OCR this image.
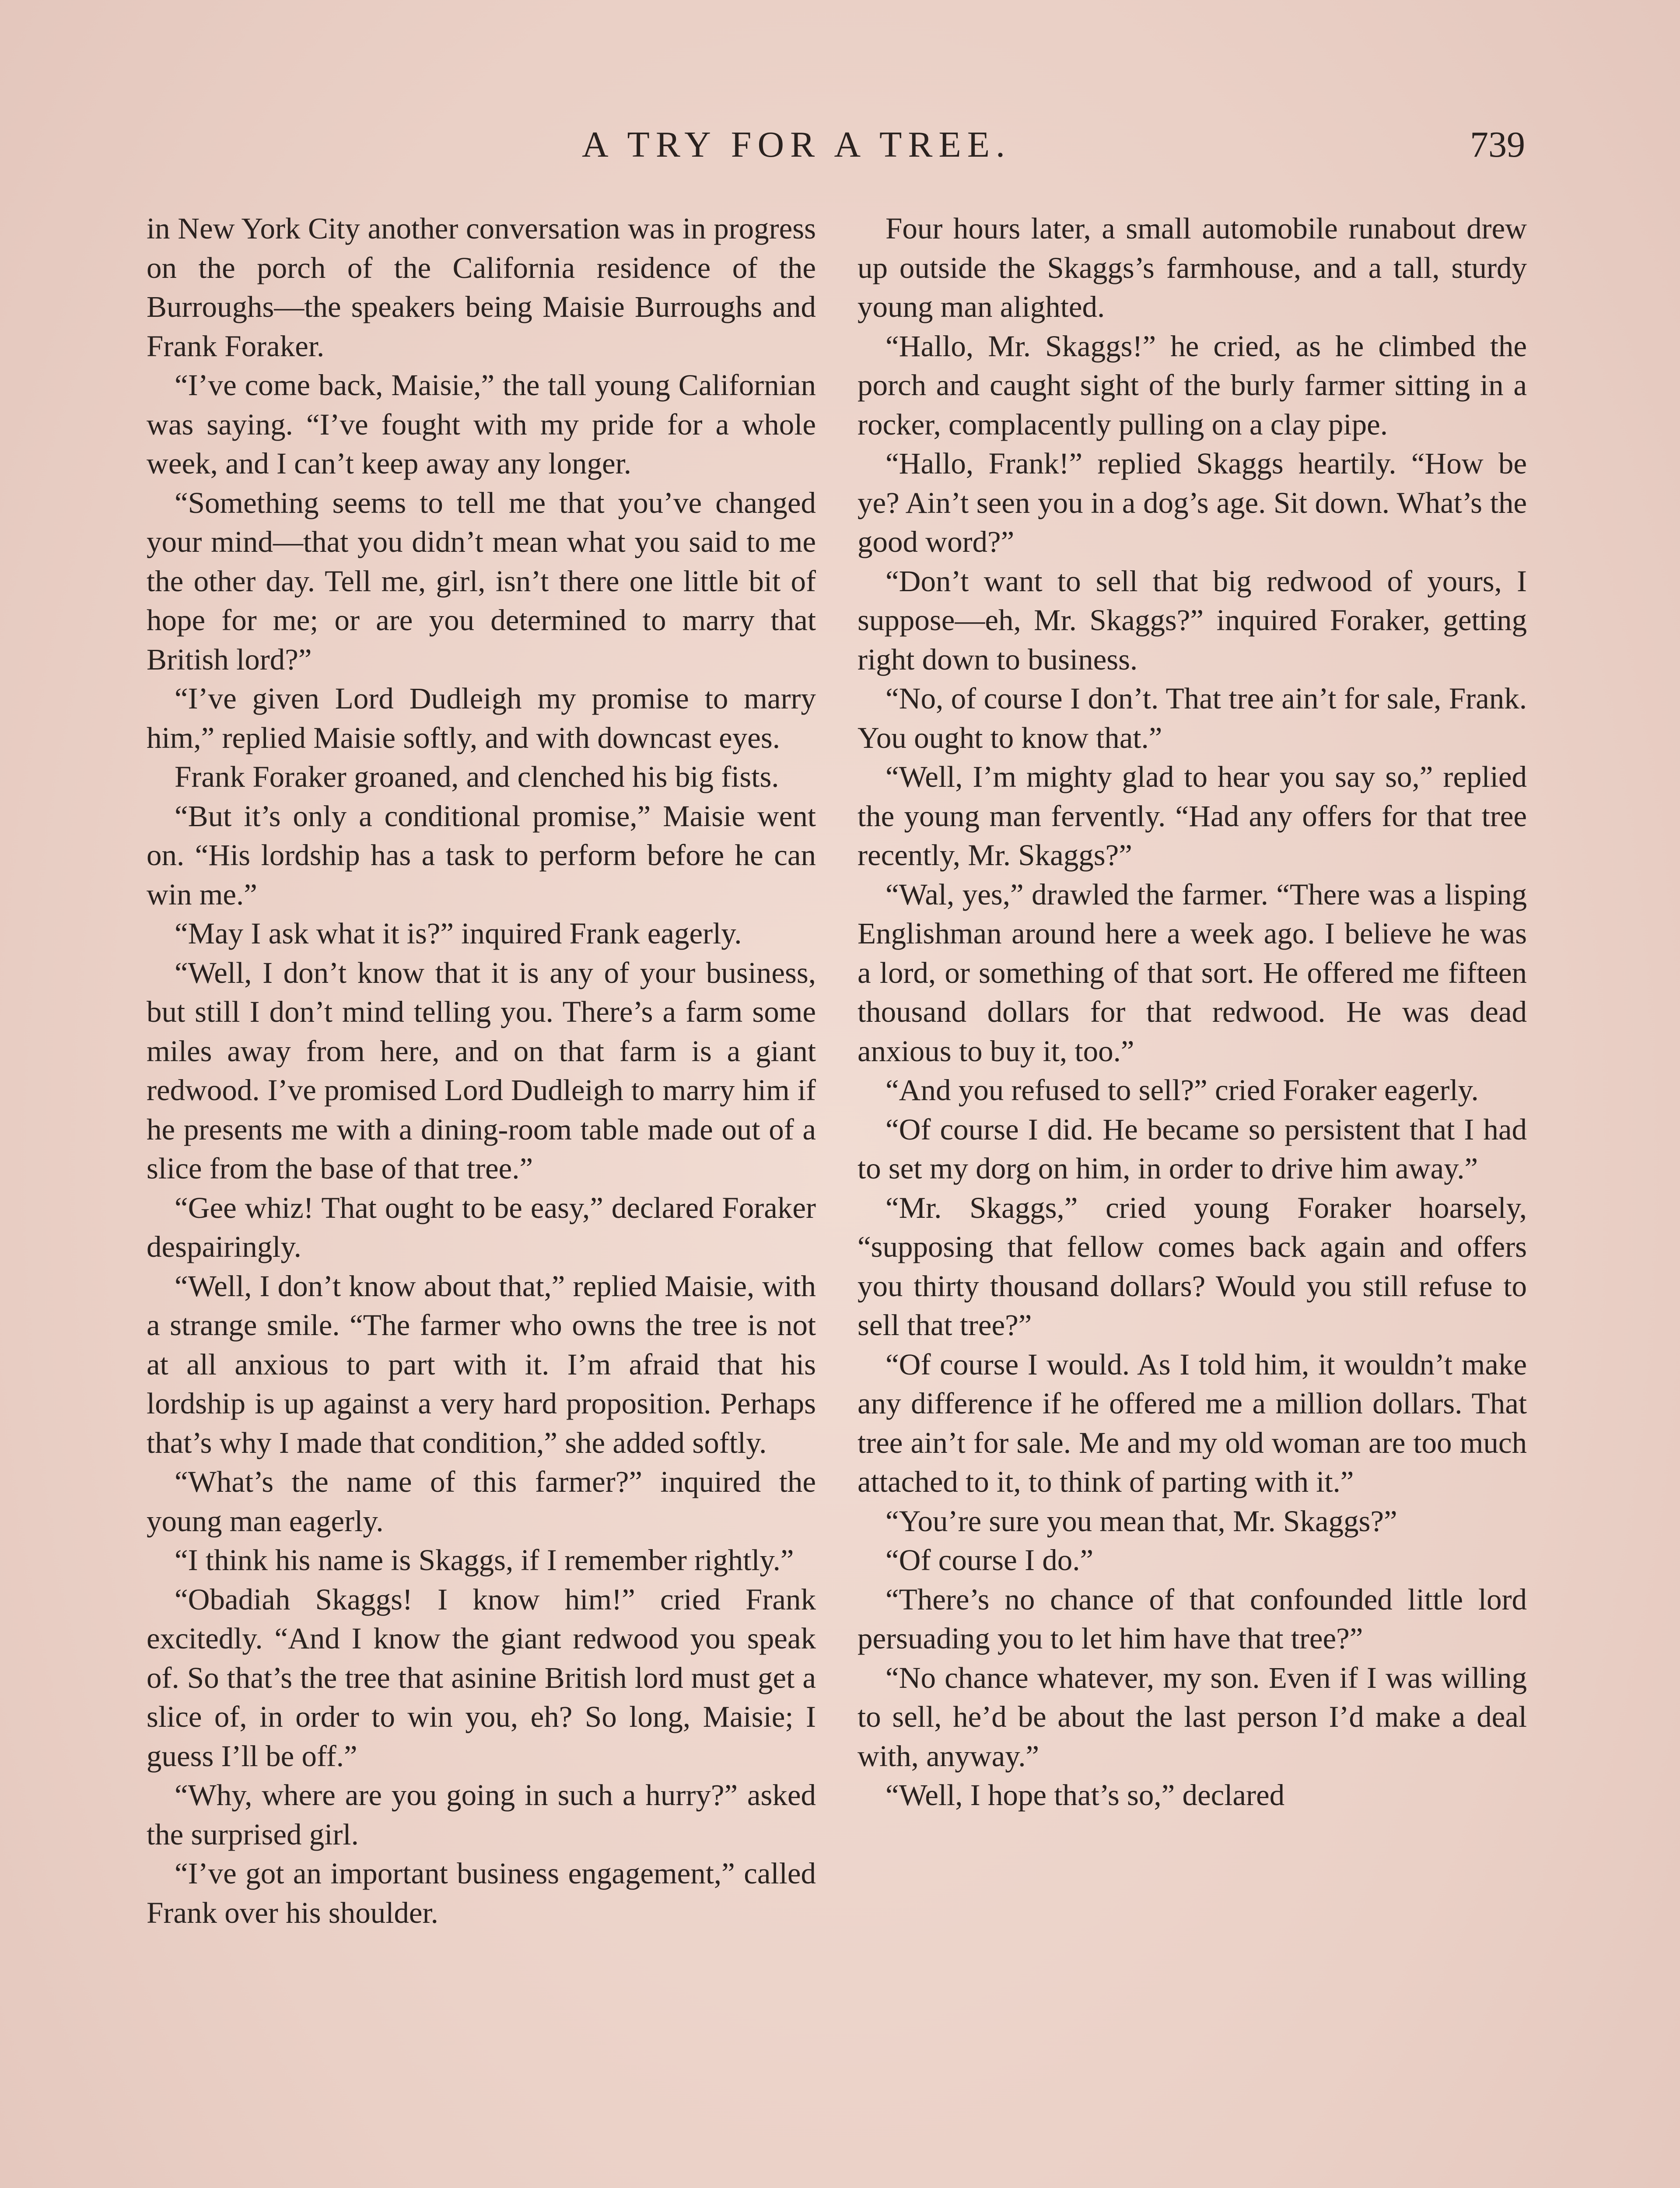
A TRY FOR A TREE.	739

in New York City another conversation was in progress on the porch of the California residence of the Burroughs—the speakers being Maisie Burroughs and Frank Foraker.

“I’ve come back, Maisie,” the tall young Californian was saying. “I’ve fought with my pride for a whole week, and I can’t keep away any longer.

“Something seems to tell me that you’ve changed your mind—that you didn’t mean what you said to me the other day. Tell me, girl, isn’t there one little bit of hope for me; or are you determined to marry that British lord?”

“I’ve given Lord Dudleigh my promise to marry him,” replied Maisie softly, and with downcast eyes.

Frank Foraker groaned, and clenched his big fists.

“But it’s only a conditional promise,” Maisie went on. “His lordship has a task to perform before he can win me.”

“May I ask what it is?” inquired Frank eagerly.

“Well, I don’t know that it is any of your business, but still I don’t mind telling you. There’s a farm some miles away from here, and on that farm is a giant redwood. I’ve promised Lord Dudleigh to marry him if he presents me with a dining-room table made out of a slice from the base of that tree.”

“Gee whiz! That ought to be easy,” declared Foraker despairingly.

“Well, I don’t know about that,” replied Maisie, with a strange smile. “The farmer who owns the tree is not at all anxious to part with it. I’m afraid that his lordship is up against a very hard proposition. Perhaps that’s why I made that condition,” she added softly.

“What’s the name of this farmer?” inquired the young man eagerly.

“I think his name is Skaggs, if I remember rightly.”

“Obadiah Skaggs! I know him!” cried Frank excitedly. “And I know the giant redwood you speak of. So that’s the tree that asinine British lord must get a slice of, in order to win you, eh? So long, Maisie; I guess I’ll be off.”

“Why, where are you going in such a hurry?” asked the surprised girl.

“I’ve got an important business engagement,” called Frank over his shoulder.

Four hours later, a small automobile runabout drew up outside the Skaggs’s farmhouse, and a tall, sturdy young man alighted.

“Hallo, Mr. Skaggs!” he cried, as he climbed the porch and caught sight of the burly farmer sitting in a rocker, complacently pulling on a clay pipe.

“Hallo, Frank!” replied Skaggs heartily. “How be ye? Ain’t seen you in a dog’s age. Sit down. What’s the good word?”

“Don’t want to sell that big redwood of yours, I suppose—eh, Mr. Skaggs?” inquired Foraker, getting right down to business.

“No, of course I don’t. That tree ain’t for sale, Frank. You ought to know that.”

“Well, I’m mighty glad to hear you say so,” replied the young man fervently. “Had any offers for that tree recently, Mr. Skaggs?”

“Wal, yes,” drawled the farmer. “There was a lisping Englishman around here a week ago. I believe he was a lord, or something of that sort. He offered me fifteen thousand dollars for that redwood. He was dead anxious to buy it, too.”

“And you refused to sell?” cried Foraker eagerly.

“Of course I did. He became so persistent that I had to set my dorg on him, in order to drive him away.”

“Mr. Skaggs,” cried young Foraker hoarsely, “supposing that fellow comes back again and offers you thirty thousand dollars? Would you still refuse to sell that tree?”

“Of course I would. As I told him, it wouldn’t make any difference if he offered me a million dollars. That tree ain’t for sale. Me and my old woman are too much attached to it, to think of parting with it.”

“You’re sure you mean that, Mr. Skaggs?”

“Of course I do.”

“There’s no chance of that confounded little lord persuading you to let him have that tree?”

“No chance whatever, my son. Even if I was willing to sell, he’d be about the last person I’d make a deal with, anyway.”

“Well, I hope that’s so,” declared
